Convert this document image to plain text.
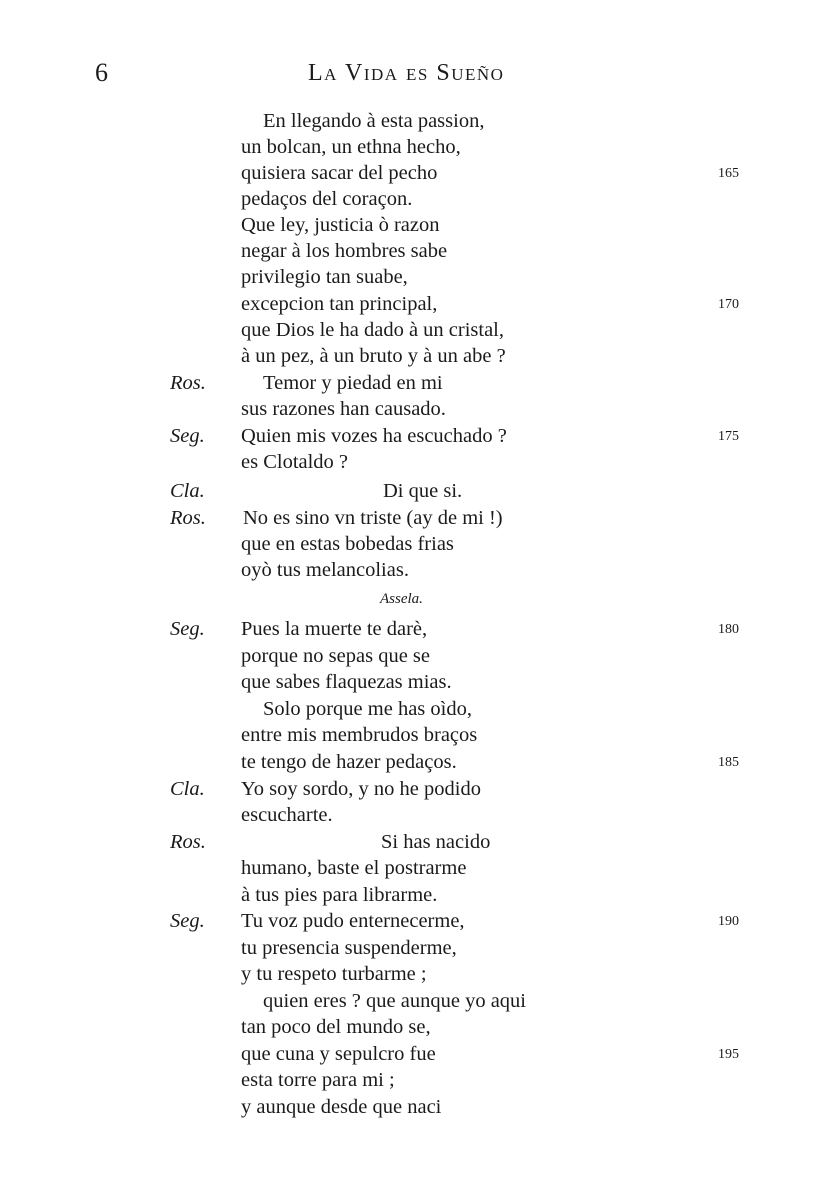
6	La Vida es Sueño
En llegando à esta passion,
un bolcan, un ethna hecho,
quisiera sacar del pecho	165
pedaços del coraçon.
Que ley, justicia ò razon
negar à los hombres sabe
privilegio tan suabe,
excepcion tan principal,	170
que Dios le ha dado à un cristal,
à un pez, à un bruto y à un abe ?
Ros.	Temor y piedad en mi
sus razones han causado.
Seg. Quien mis vozes ha escuchado ?	175
es Clotaldo ?
Cla.	Di que si.
Ros. No es sino vn triste (ay de mi !)
que en estas bobedas frias
oyò tus melancolias.
Assela.
Seg. Pues la muerte te darè,	180
porque no sepas que se
que sabes flaquezas mias.
Solo porque me has oìdo,
entre mis membrudos braços
te tengo de hazer pedaços.	185
Cla. Yo soy sordo, y no he podido
escucharte.
Ros.	Si has nacido
humano, baste el postrarme
à tus pies para librarme.
Seg. Tu voz pudo enternecerme,	190
tu presencia suspenderme,
y tu respeto turbarme ;
quien eres ? que aunque yo aqui
tan poco del mundo se,
que cuna y sepulcro fue	195
esta torre para mi ;
y aunque desde que naci
